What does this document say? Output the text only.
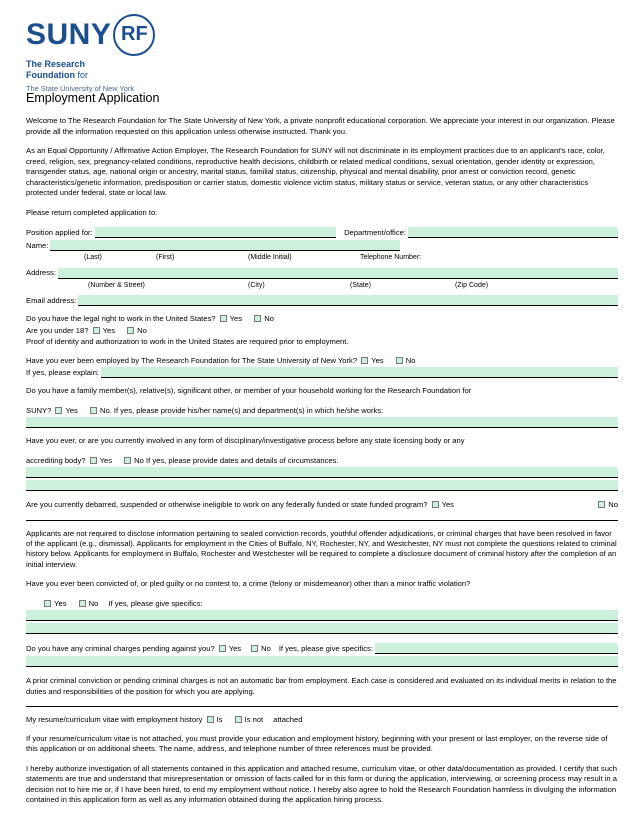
SUNY RF
The Research
Foundation for
The State University of New York
Employment Application

Welcome to The Research Foundation for The State University of New York, a private nonprofit educational corporation. We appreciate your interest in our organization. Please provide all the information requested on this application unless otherwise instructed. Thank you.

As an Equal Opportunity / Affirmative Action Employer, The Research Foundation for SUNY will not discriminate in its employment practices due to an applicant's race, color, creed, religion, sex, pregnancy-related conditions, reproductive health decisions, childbirth or related medical conditions, sexual orientation, gender identity or expression, transgender status, age, national origin or ancestry, marital status, familial status, citizenship, physical and mental disability, prior arrest or conviction record, genetic characteristics/genetic information, predisposition or carrier status, domestic violence victim status, military status or service, veteran status, or any other characteristics protected under federal, state or local law.

Please return completed application to:

Position applied for:	Department/office:
Name:
(Last)	(First)	(Middle Initial)	Telephone Number:
Address:
(Number & Street)	(City)	(State)	(Zip Code)
Email address:
Do you have the legal right to work in the United States? Yes	No
Are you under 18? Yes	No

Proof of identity and authorization to work in the United States are required prior to employment.

Have you ever been employed by The Research Foundation for The State University of New York? Yes	No
If yes, please explain:

Do you have a family member(s), relative(s), significant other, or member of your household working for the Research Foundation for

SUNY? Yes	No. If yes, please provide his/her name(s) and department(s) in which he/she works:

Have you ever, or are you currently involved in any form of disciplinary/investigative process before any state licensing body or any

accrediting body? Yes	No If yes, please provide dates and details of circumstances.
Are you currently debarred, suspended or otherwise ineligible to work on any federally funded or state funded program? Yes	No

Applicants are not required to disclose information pertaining to sealed conviction records, youthful offender adjudications, or criminal charges that have been resolved in favor of the applicant (e.g., dismissal). Applicants for employment in the Cities of Buffalo, NY, Rochester, NY, and Westchester, NY must not complete the questions related to criminal history below. Applicants for employment in Buffalo, Rochester and Westchester will be required to complete a disclosure document of criminal history after the completion of an initial interview.

Have you ever been convicted of, or pled guilty or no contest to, a crime (felony or misdemeanor) other than a minor traffic violation?

Yes	No If yes, please give specifics:
Do you have any criminal charges pending against you?	Yes	No If yes, please give specifics:

A prior criminal conviction or pending criminal charges is not an automatic bar from employment. Each case is considered and evaluated on its individual merits in relation to the duties and responsibilities of the position for which you are applying.

My resume/curriculum vitae with employment history Is	Is not attached

If your resume/curriculum vitae is not attached, you must provide your education and employment history, beginning with your present or last employer, on the reverse side of this application or on additional sheets. The name, address, and telephone number of three references must be provided.

I hereby authorize investigation of all statements contained in this application and attached resume, curriculum vitae, or other data/documentation as provided. I certify that such statements are true and understand that misrepresentation or omission of facts called for in this form or during the application, interviewing, or screening process may result in a decision not to hire me or, if I have been hired, to end my employment without notice. I hereby also agree to hold the Research Foundation harmless in divulging the information contained in this application form as well as any information obtained during the application hiring process.
